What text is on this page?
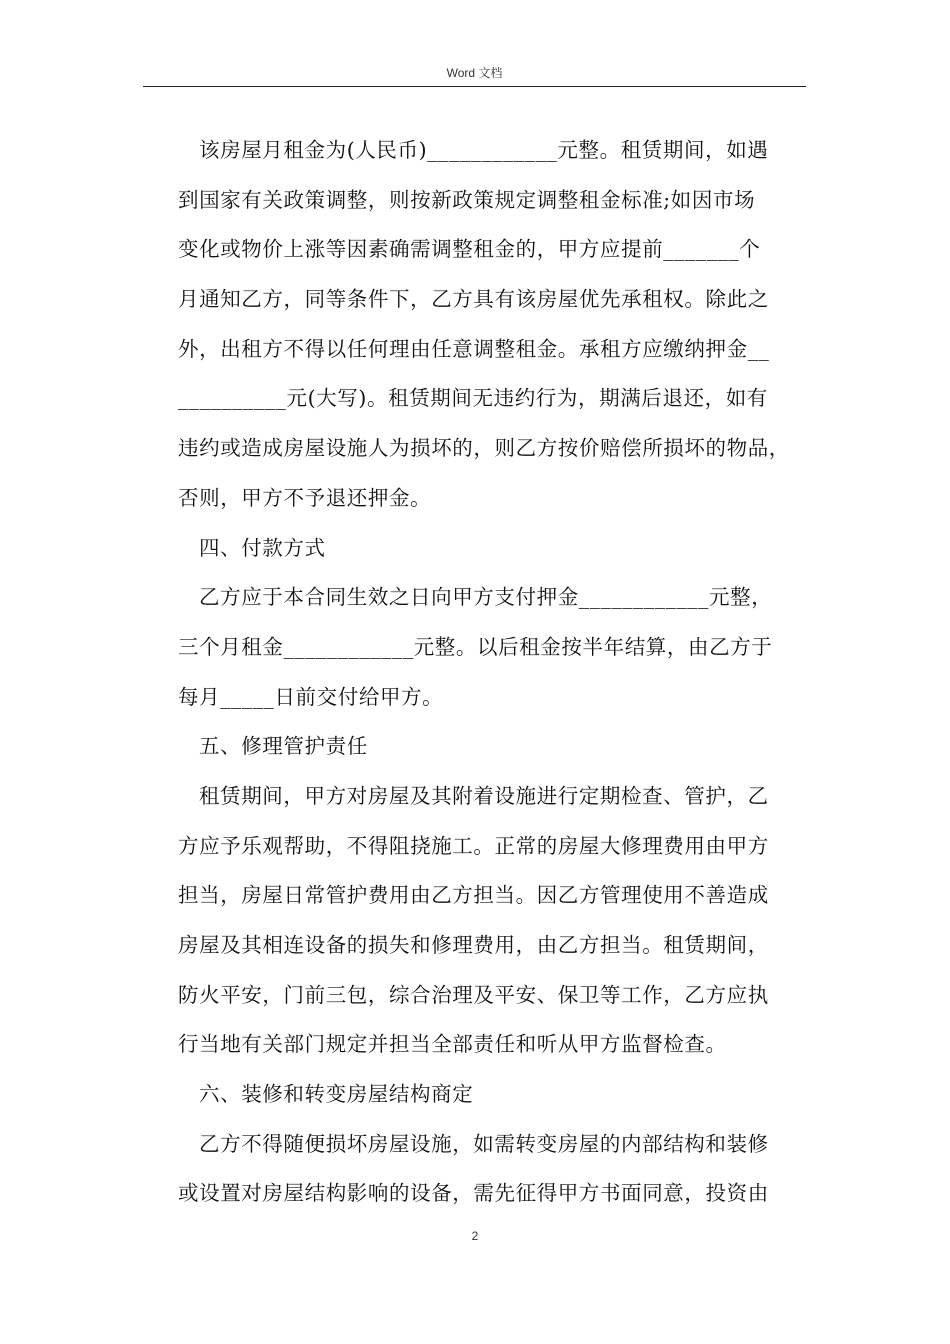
Word 文档
该房屋月租金为(人民币)____________元整。租赁期间，如遇
到国家有关政策调整，则按新政策规定调整租金标准;如因市场
变化或物价上涨等因素确需调整租金的，甲方应提前_______个
月通知乙方，同等条件下，乙方具有该房屋优先承租权。除此之
外，出租方不得以任何理由任意调整租金。承租方应缴纳押金__
__________元(大写)。租赁期间无违约行为，期满后退还，如有
违约或造成房屋设施人为损坏的，则乙方按价赔偿所损坏的物品，
否则，甲方不予退还押金。
四、付款方式
乙方应于本合同生效之日向甲方支付押金____________元整，
三个月租金____________元整。以后租金按半年结算，由乙方于
每月_____日前交付给甲方。
五、修理管护责任
租赁期间，甲方对房屋及其附着设施进行定期检查、管护，乙
方应予乐观帮助，不得阻挠施工。正常的房屋大修理费用由甲方
担当，房屋日常管护费用由乙方担当。因乙方管理使用不善造成
房屋及其相连设备的损失和修理费用，由乙方担当。租赁期间，
防火平安，门前三包，综合治理及平安、保卫等工作，乙方应执
行当地有关部门规定并担当全部责任和听从甲方监督检查。
六、装修和转变房屋结构商定
乙方不得随便损坏房屋设施，如需转变房屋的内部结构和装修
或设置对房屋结构影响的设备，需先征得甲方书面同意，投资由
2
